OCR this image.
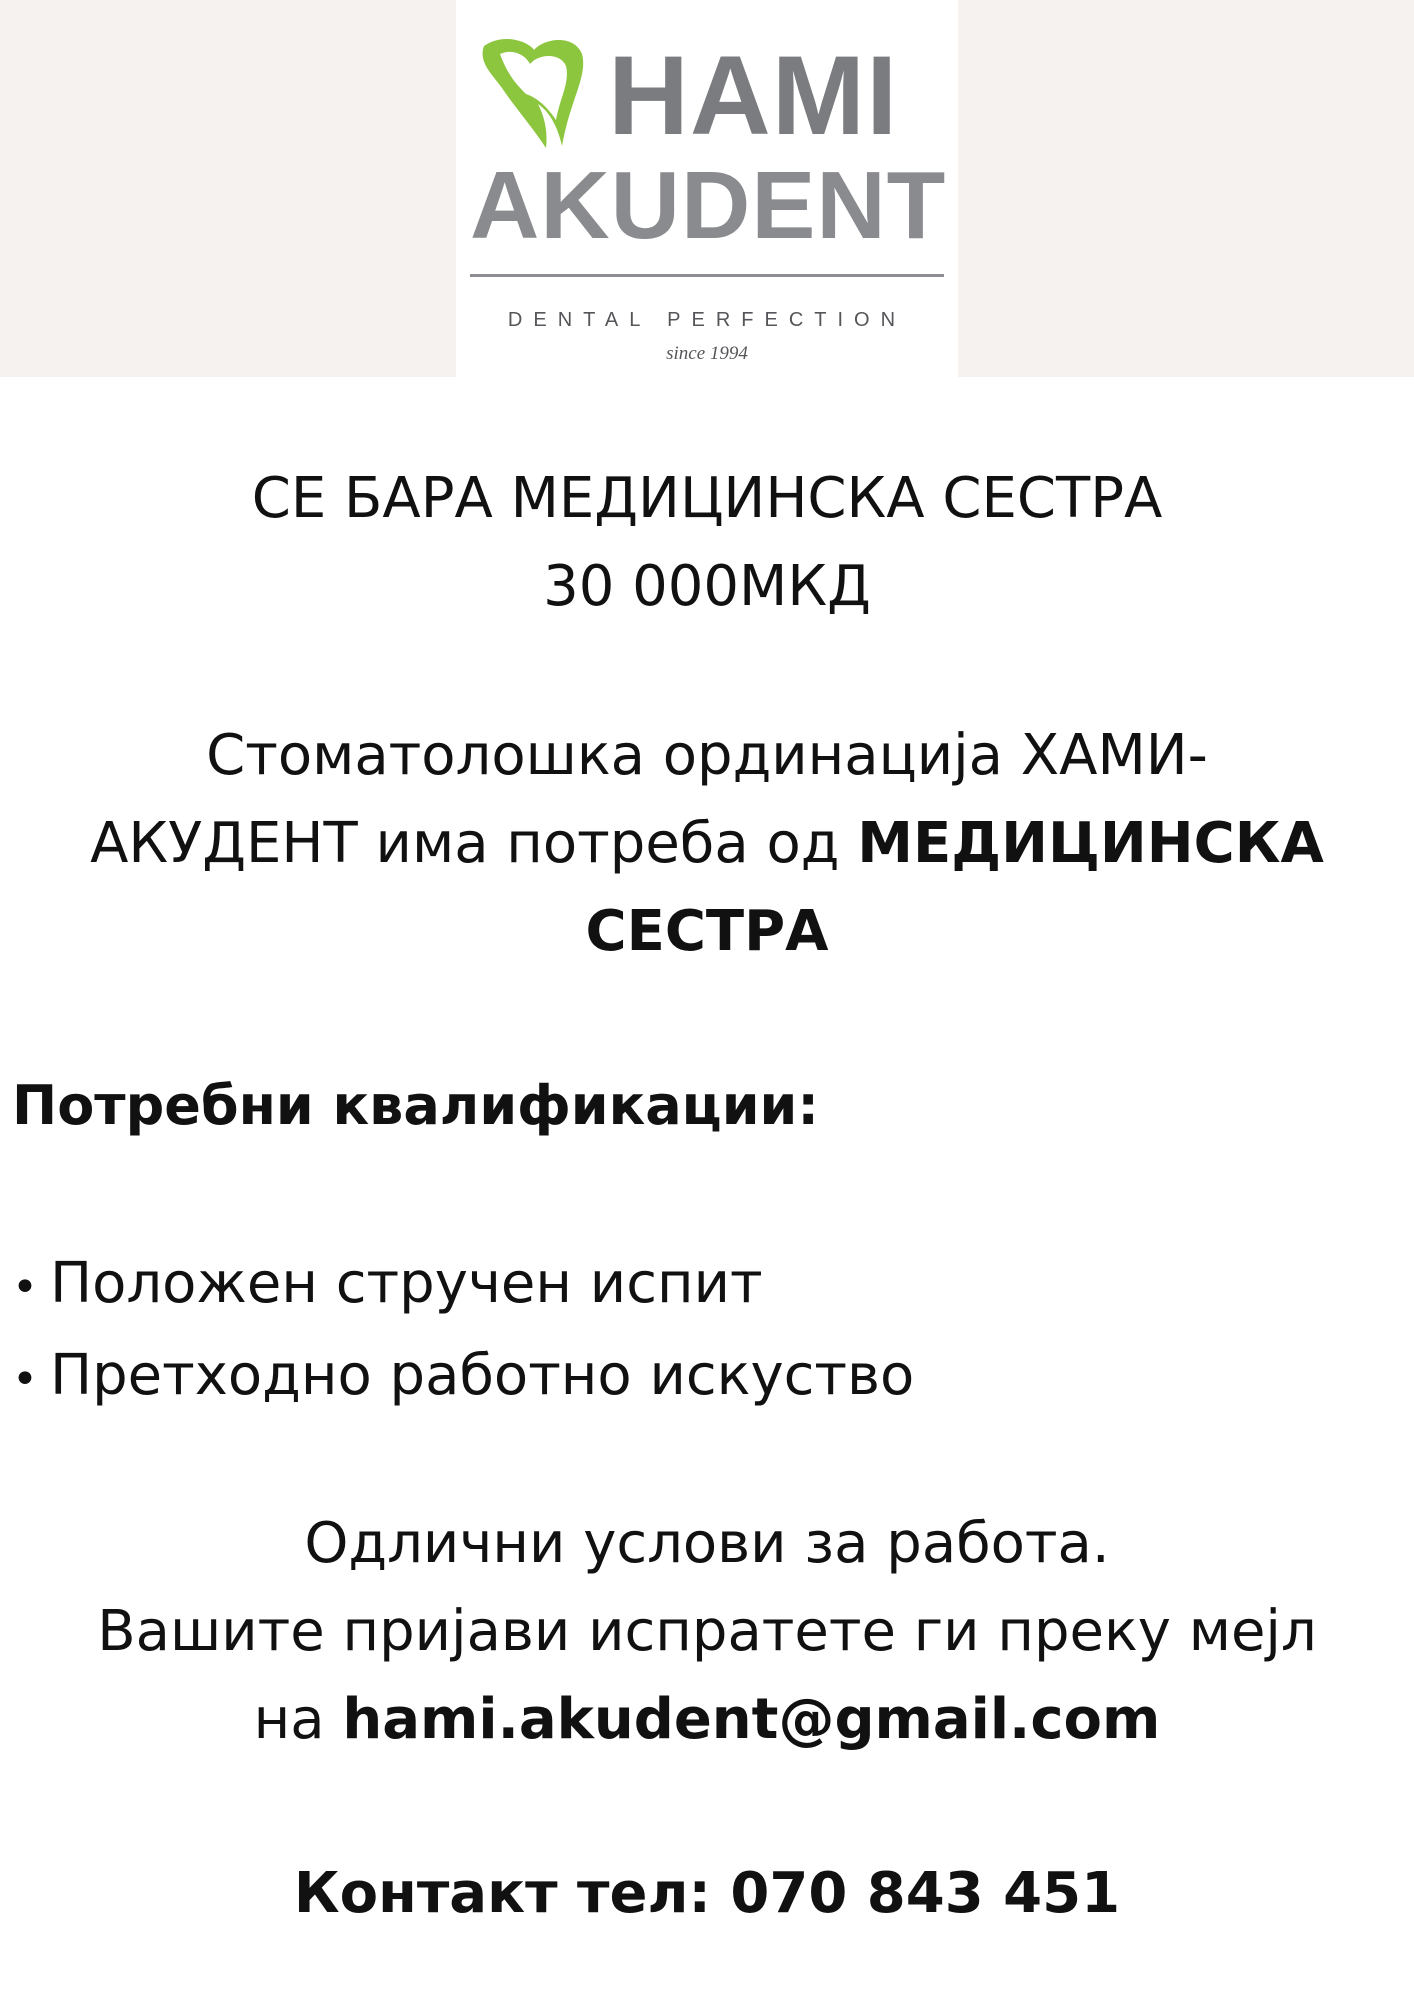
HAMI
AKUDENT
DENTAL PERFECTION
since 1994
СЕ БАРА МЕДИЦИНСКА СЕСТРА
30 000МКД
Стоматолошка ординација ХАМИ-
АКУДЕНТ има потреба од МЕДИЦИНСКА
СЕСТРА
Потребни квалификации:
• Положен стручен испит
• Претходно работно искуство
Одлични услови за работа.
Вашите пријави испратете ги преку мејл
на hami.akudent@gmail.com
Контакт тел: 070 843 451
